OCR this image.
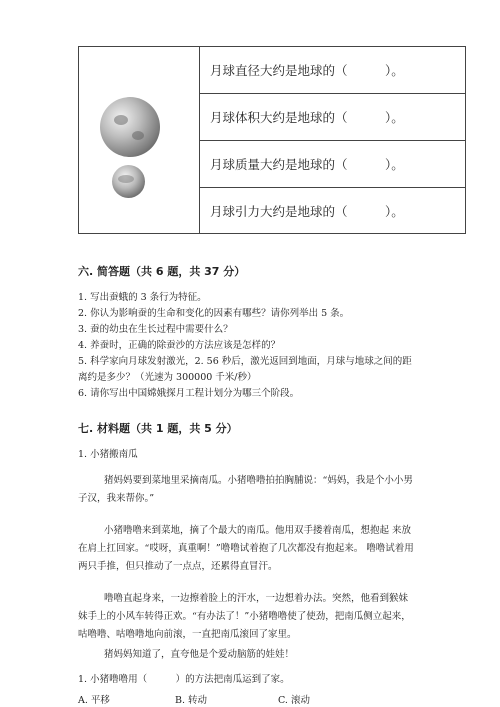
月球直径大约是地球的（　　　）。
月球体积大约是地球的（　　　）。
月球质量大约是地球的（　　　）。
月球引力大约是地球的（　　　）。
六. 简答题（共 6 题，共 37 分）
1. 写出蚕蛾的 3 条行为特征。
2. 你认为影响蚕的生命和变化的因素有哪些？请你列举出 5 条。
3. 蚕的幼虫在生长过程中需要什么？
4. 养蚕时，正确的除蚕沙的方法应该是怎样的？
5. 科学家向月球发射激光，2. 56 秒后，激光返回到地面，月球与地球之间的距
离约是多少？（光速为 300000 千米/秒）
6. 请你写出中国嫦娥探月工程计划分为哪三个阶段。
七. 材料题（共 1 题，共 5 分）
1. 小猪搬南瓜
猪妈妈要到菜地里采摘南瓜。小猪噜噜拍拍胸脯说：“妈妈，我是个小小男子汉，我来帮你。”
小猪噜噜来到菜地，摘了个最大的南瓜。他用双手搂着南瓜，想抱起 来放在肩上扛回家。“哎呀，真重啊！”噜噜试着抱了几次都没有抱起来。 噜噜试着用两只手推，但只推动了一点点，还累得直冒汗。
噜噜直起身来，一边擦着脸上的汗水，一边想着办法。突然，他看到猴妹妹手上的小风车转得正欢。“有办法了！”小猪噜噜使了使劲，把南瓜侧立起来，咕噜噜、咕噜噜地向前滚，一直把南瓜滚回了家里。
猪妈妈知道了，直夸他是个爱动脑筋的娃娃！
1. 小猪噜噜用（　　　）的方法把南瓜运到了家。
A. 平移	B. 转动	C. 滚动
